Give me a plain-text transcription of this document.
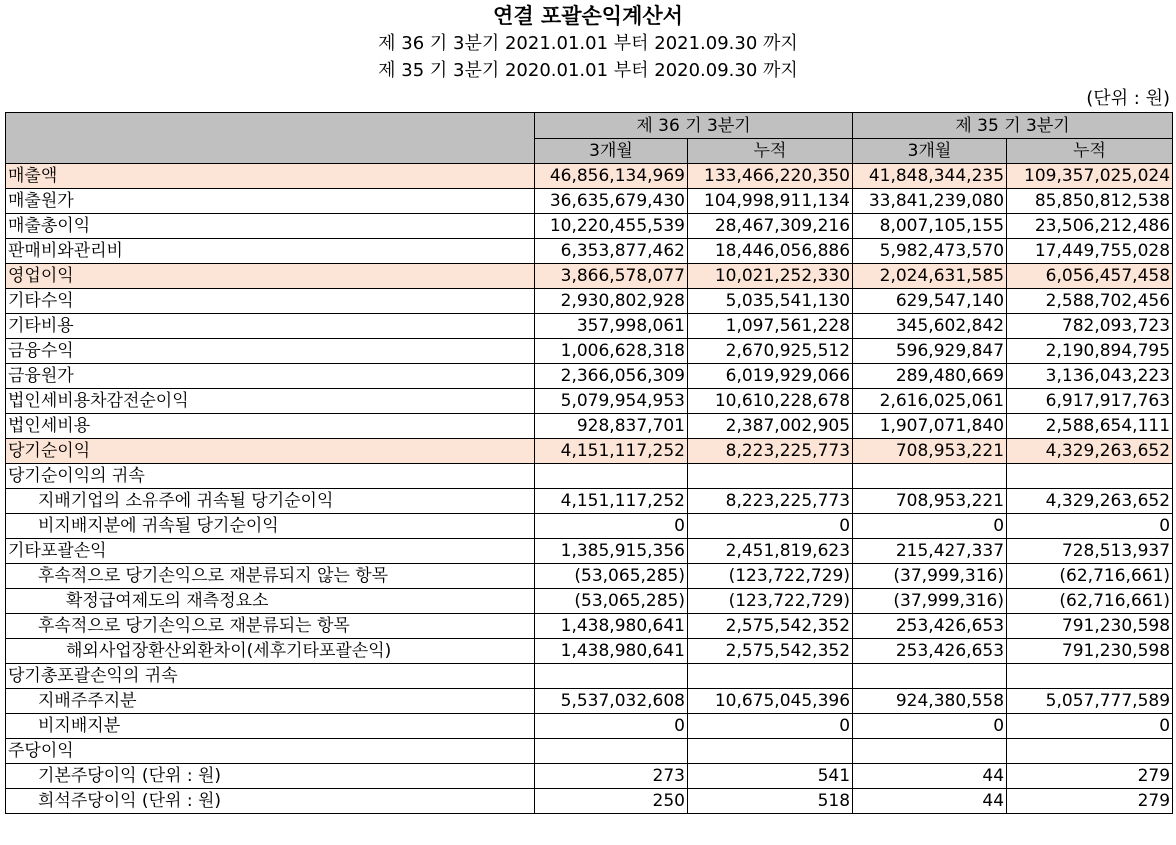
연결 포괄손익계산서
제 36 기 3분기 2021.01.01 부터 2021.09.30 까지
제 35 기 3분기 2020.01.01 부터 2020.09.30 까지
(단위 : 원)
	제 36 기 3분기		제 35 기 3분기	
	3개월	누적	3개월	누적
매출액	46,856,134,969	133,466,220,350	41,848,344,235	109,357,025,024
매출원가	36,635,679,430	104,998,911,134	33,841,239,080	85,850,812,538
매출총이익	10,220,455,539	28,467,309,216	8,007,105,155	23,506,212,486
판매비와관리비	6,353,877,462	18,446,056,886	5,982,473,570	17,449,755,028
영업이익	3,866,578,077	10,021,252,330	2,024,631,585	6,056,457,458
기타수익	2,930,802,928	5,035,541,130	629,547,140	2,588,702,456
기타비용	357,998,061	1,097,561,228	345,602,842	782,093,723
금융수익	1,006,628,318	2,670,925,512	596,929,847	2,190,894,795
금융원가	2,366,056,309	6,019,929,066	289,480,669	3,136,043,223
법인세비용차감전순이익	5,079,954,953	10,610,228,678	2,616,025,061	6,917,917,763
법인세비용	928,837,701	2,387,002,905	1,907,071,840	2,588,654,111
당기순이익	4,151,117,252	8,223,225,773	708,953,221	4,329,263,652
당기순이익의 귀속				
지배기업의 소유주에 귀속될 당기순이익	4,151,117,252	8,223,225,773	708,953,221	4,329,263,652
비지배지분에 귀속될 당기순이익	0	0	0	0
기타포괄손익	1,385,915,356	2,451,819,623	215,427,337	728,513,937
후속적으로 당기손익으로 재분류되지 않는 항목	(53,065,285)	(123,722,729)	(37,999,316)	(62,716,661)
확정급여제도의 재측정요소	(53,065,285)	(123,722,729)	(37,999,316)	(62,716,661)
후속적으로 당기손익으로 재분류되는 항목	1,438,980,641	2,575,542,352	253,426,653	791,230,598
해외사업장환산외환차이(세후기타포괄손익)	1,438,980,641	2,575,542,352	253,426,653	791,230,598
당기총포괄손익의 귀속				
지배주주지분	5,537,032,608	10,675,045,396	924,380,558	5,057,777,589
비지배지분	0	0	0	0
주당이익				
기본주당이익 (단위 : 원)	273	541	44	279
희석주당이익 (단위 : 원)	250	518	44	279
